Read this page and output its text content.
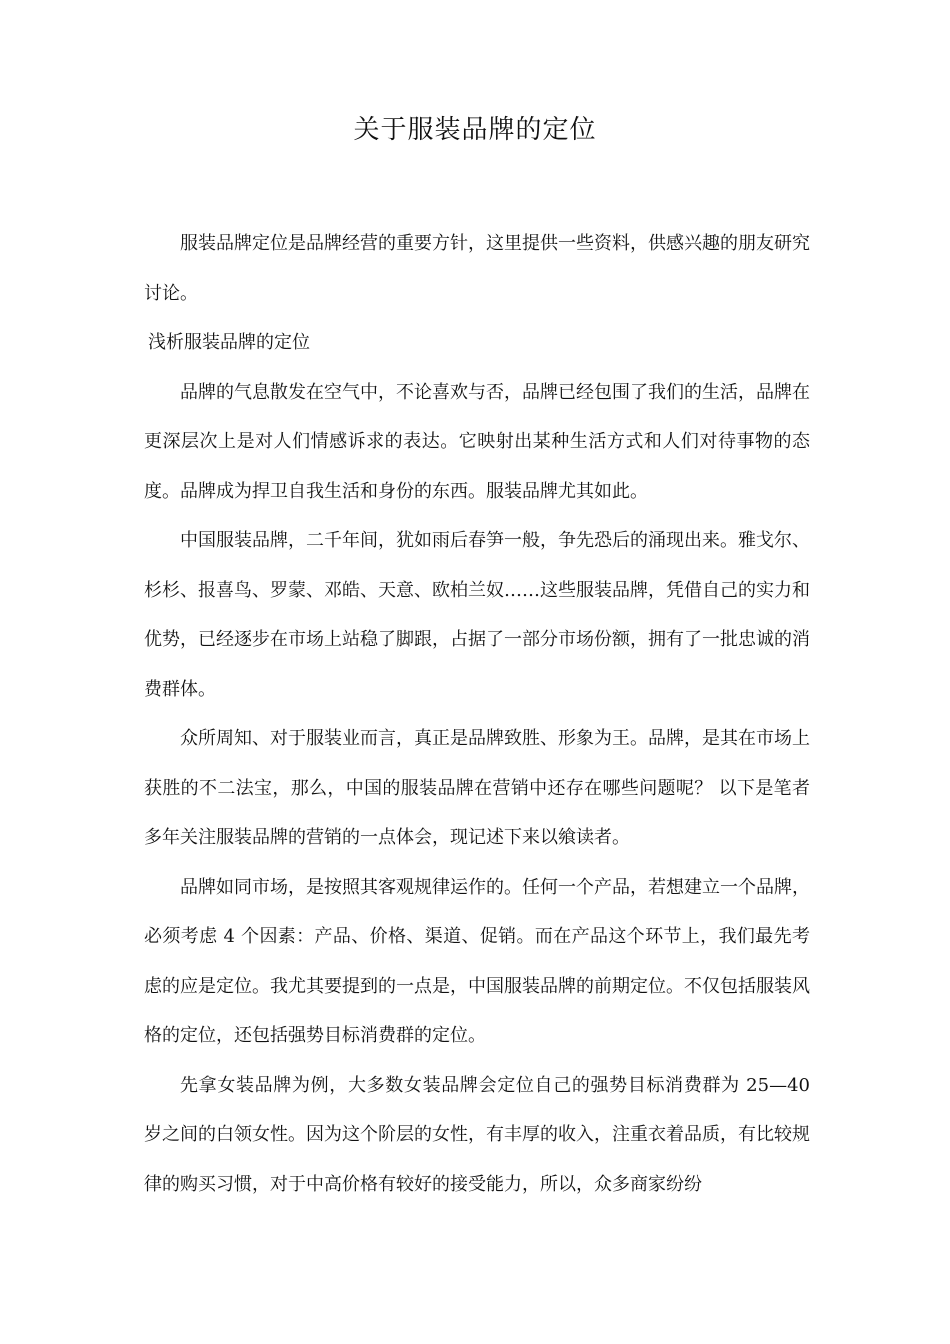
关于服装品牌的定位

服装品牌定位是品牌经营的重要方针，这里提供一些资料，供感兴趣的朋友研究讨论。

浅析服装品牌的定位

品牌的气息散发在空气中，不论喜欢与否，品牌已经包围了我们的生活，品牌在更深层次上是对人们情感诉求的表达。它映射出某种生活方式和人们对待事物的态度。品牌成为捍卫自我生活和身份的东西。服装品牌尤其如此。

中国服装品牌，二千年间，犹如雨后春笋一般，争先恐后的涌现出来。雅戈尔、杉杉、报喜鸟、罗蒙、邓皓、天意、欧柏兰奴……这些服装品牌，凭借自己的实力和优势，已经逐步在市场上站稳了脚跟，占据了一部分市场份额，拥有了一批忠诚的消费群体。

众所周知、对于服装业而言，真正是品牌致胜、形象为王。品牌，是其在市场上获胜的不二法宝，那么，中国的服装品牌在营销中还存在哪些问题呢？ 以下是笔者多年关注服装品牌的营销的一点体会，现记述下来以飨读者。

品牌如同市场，是按照其客观规律运作的。任何一个产品，若想建立一个品牌，必须考虑 4 个因素：产品、价格、渠道、促销。而在产品这个环节上，我们最先考虑的应是定位。我尤其要提到的一点是，中国服装品牌的前期定位。不仅包括服装风格的定位，还包括强势目标消费群的定位。

先拿女装品牌为例，大多数女装品牌会定位自己的强势目标消费群为 25—40 岁之间的白领女性。因为这个阶层的女性，有丰厚的收入，注重衣着品质，有比较规律的购买习惯，对于中高价格有较好的接受能力，所以，众多商家纷纷
